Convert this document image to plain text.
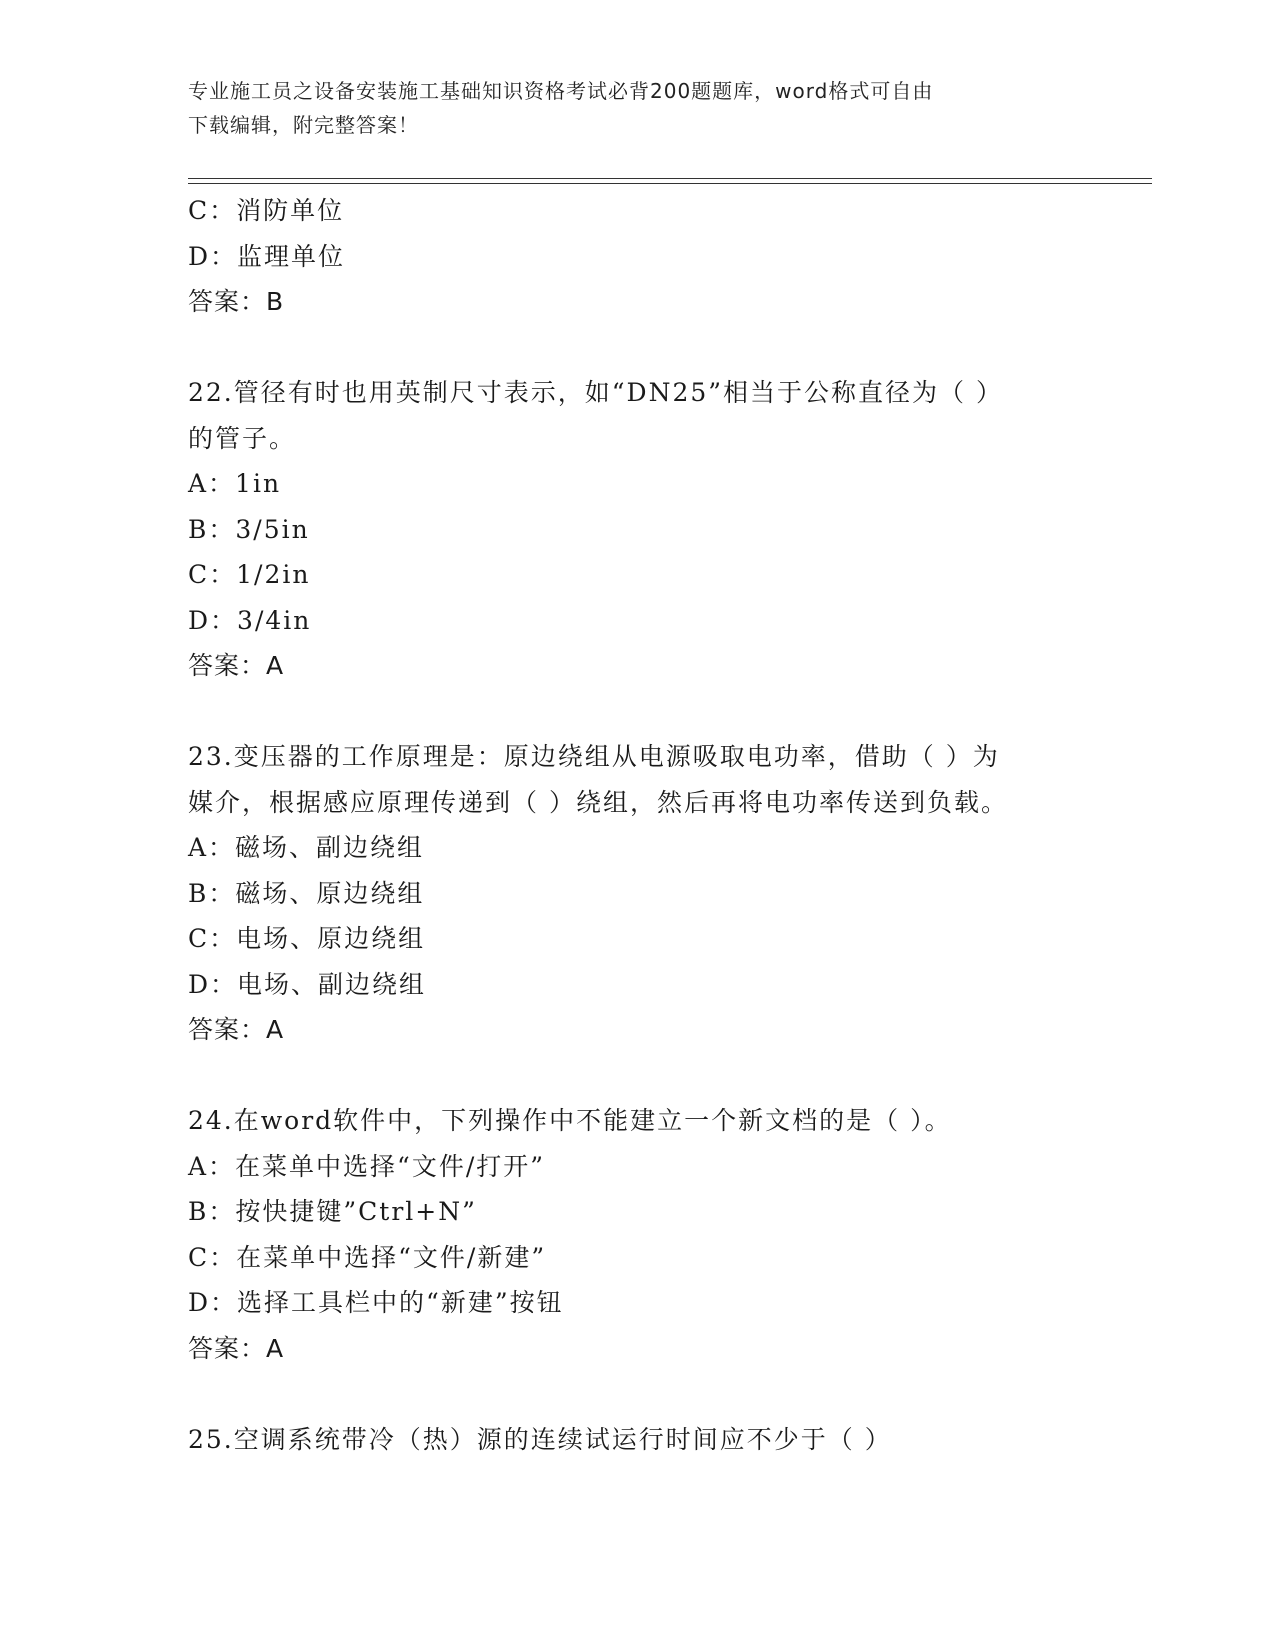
专业施工员之设备安装施工基础知识资格考试必背200题题库，word格式可自由
下载编辑，附完整答案！
C：消防单位
D：监理单位
答案：B
22.管径有时也用英制尺寸表示，如“DN25”相当于公称直径为（ ）
的管子。
A：1in
B：3/5in
C：1/2in
D：3/4in
答案：A
23.变压器的工作原理是：原边绕组从电源吸取电功率，借助（ ）为
媒介，根据感应原理传递到（ ）绕组，然后再将电功率传送到负载。
A：磁场、副边绕组
B：磁场、原边绕组
C：电场、原边绕组
D：电场、副边绕组
答案：A
24.在word软件中，下列操作中不能建立一个新文档的是（ ）。
A：在菜单中选择“文件/打开”
B：按快捷键”Ctrl+N”
C：在菜单中选择“文件/新建”
D：选择工具栏中的“新建”按钮
答案：A
25.空调系统带冷（热）源的连续试运行时间应不少于（ ）
